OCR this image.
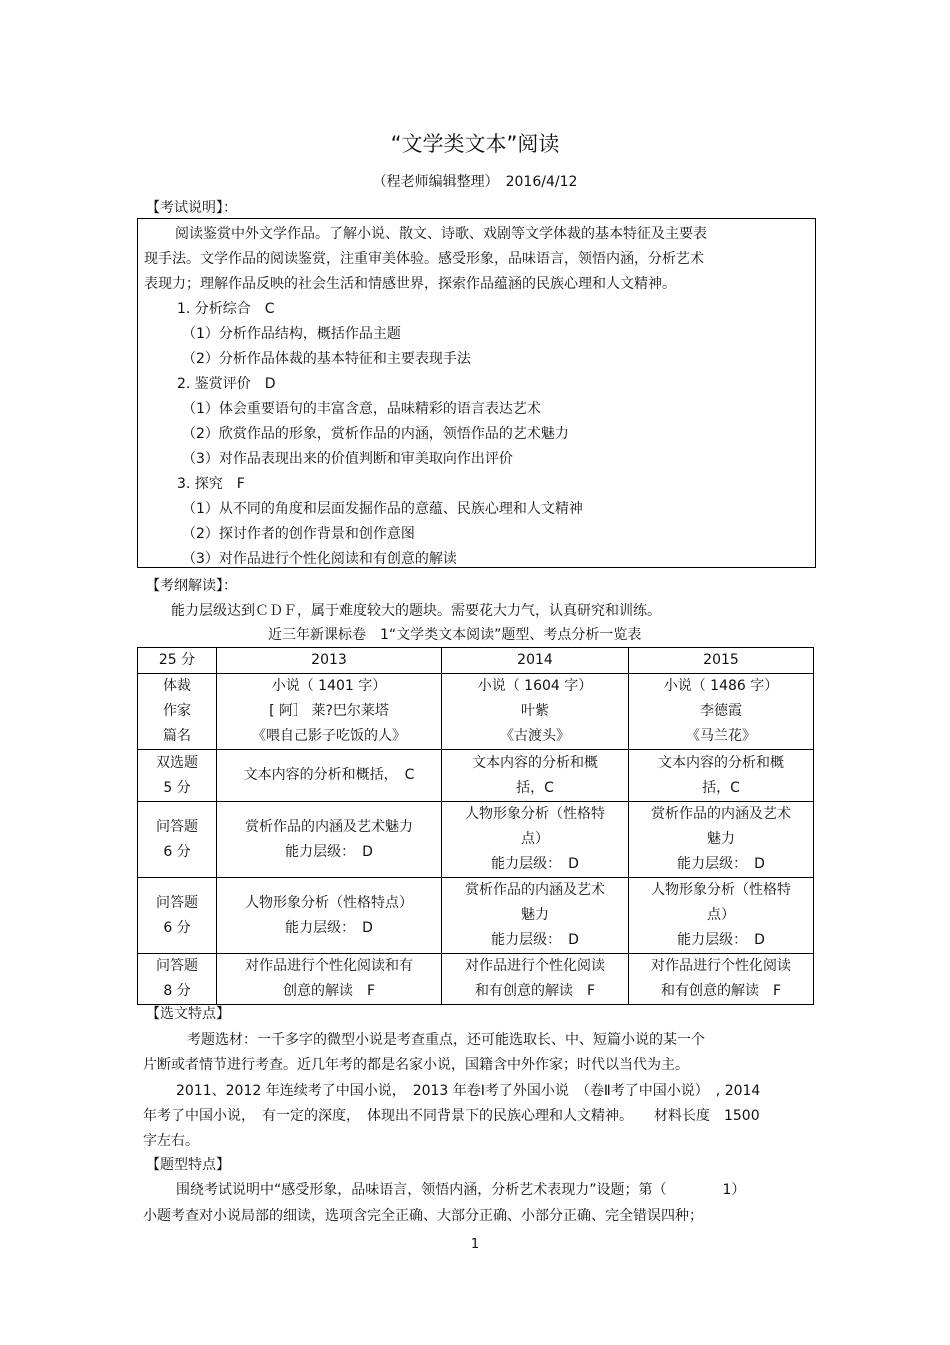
“文学类文本”阅读
（程老师编辑整理）　2016/4/12
【考试说明】：
阅读鉴赏中外文学作品。了解小说、散文、诗歌、戏剧等文学体裁的基本特征及主要表
现手法。文学作品的阅读鉴赏，注重审美体验。感受形象，品味语言，领悟内涵，分析艺术
表现力；理解作品反映的社会生活和情感世界，探索作品蕴涵的民族心理和人文精神。
1. 分析综合　C
（1）分析作品结构，概括作品主题
（2）分析作品体裁的基本特征和主要表现手法
2. 鉴赏评价　D
（1）体会重要语句的丰富含意，品味精彩的语言表达艺术
（2）欣赏作品的形象，赏析作品的内涵，领悟作品的艺术魅力
（3）对作品表现出来的价值判断和审美取向作出评价
3. 探究　F
（1）从不同的角度和层面发掘作品的意蕴、民族心理和人文精神
（2）探讨作者的创作背景和创作意图
（3）对作品进行个性化阅读和有创意的解读
【考纲解读】：
能力层级达到ＣＤＦ，属于难度较大的题块。需要花大力气，认真研究和训练。
近三年新课标卷　1“文学类文本阅读”题型、考点分析一览表
25 分	2013	2014	2015

体裁
作家
篇名	小说（ 1401 字）
[ 阿］ 莱?巴尔莱塔
《喂自己影子吃饭的人》	小说（ 1604 字）
叶紫
《古渡头》	小说（ 1486 字）
李德霞
《马兰花》

双选题
5 分	文本内容的分析和概括，　C	文本内容的分析和概
括，C	文本内容的分析和概
括，C

问答题
6 分	赏析作品的内涵及艺术魅力
能力层级：　D	人物形象分析（性格特
点）
能力层级：　D	赏析作品的内涵及艺术
魅力
能力层级：　D

问答题
6 分	人物形象分析（性格特点）
能力层级：　D	赏析作品的内涵及艺术
魅力
能力层级：　D	人物形象分析（性格特
点）
能力层级：　D

问答题
8 分	对作品进行个性化阅读和有
创意的解读　F	对作品进行个性化阅读
和有创意的解读　F	对作品进行个性化阅读
和有创意的解读　F
【选文特点】
考题选材：一千多字的微型小说是考查重点，还可能选取长、中、短篇小说的某一个
片断或者情节进行考查。近几年考的都是名家小说，国籍含中外作家；时代以当代为主。
2011、2012 年连续考了中国小说，　2013 年卷Ⅰ考了外国小说　（卷Ⅱ考了中国小说）　, 2014
年考了中国小说，　有一定的深度，　体现出不同背景下的民族心理和人文精神。　　材料长度　1500
字左右。
【题型特点】
围绕考试说明中“感受形象，品味语言，领悟内涵，分析艺术表现力”设题；第（　　　　1）
小题考查对小说局部的细读，选项含完全正确、大部分正确、小部分正确、完全错误四种；
1
